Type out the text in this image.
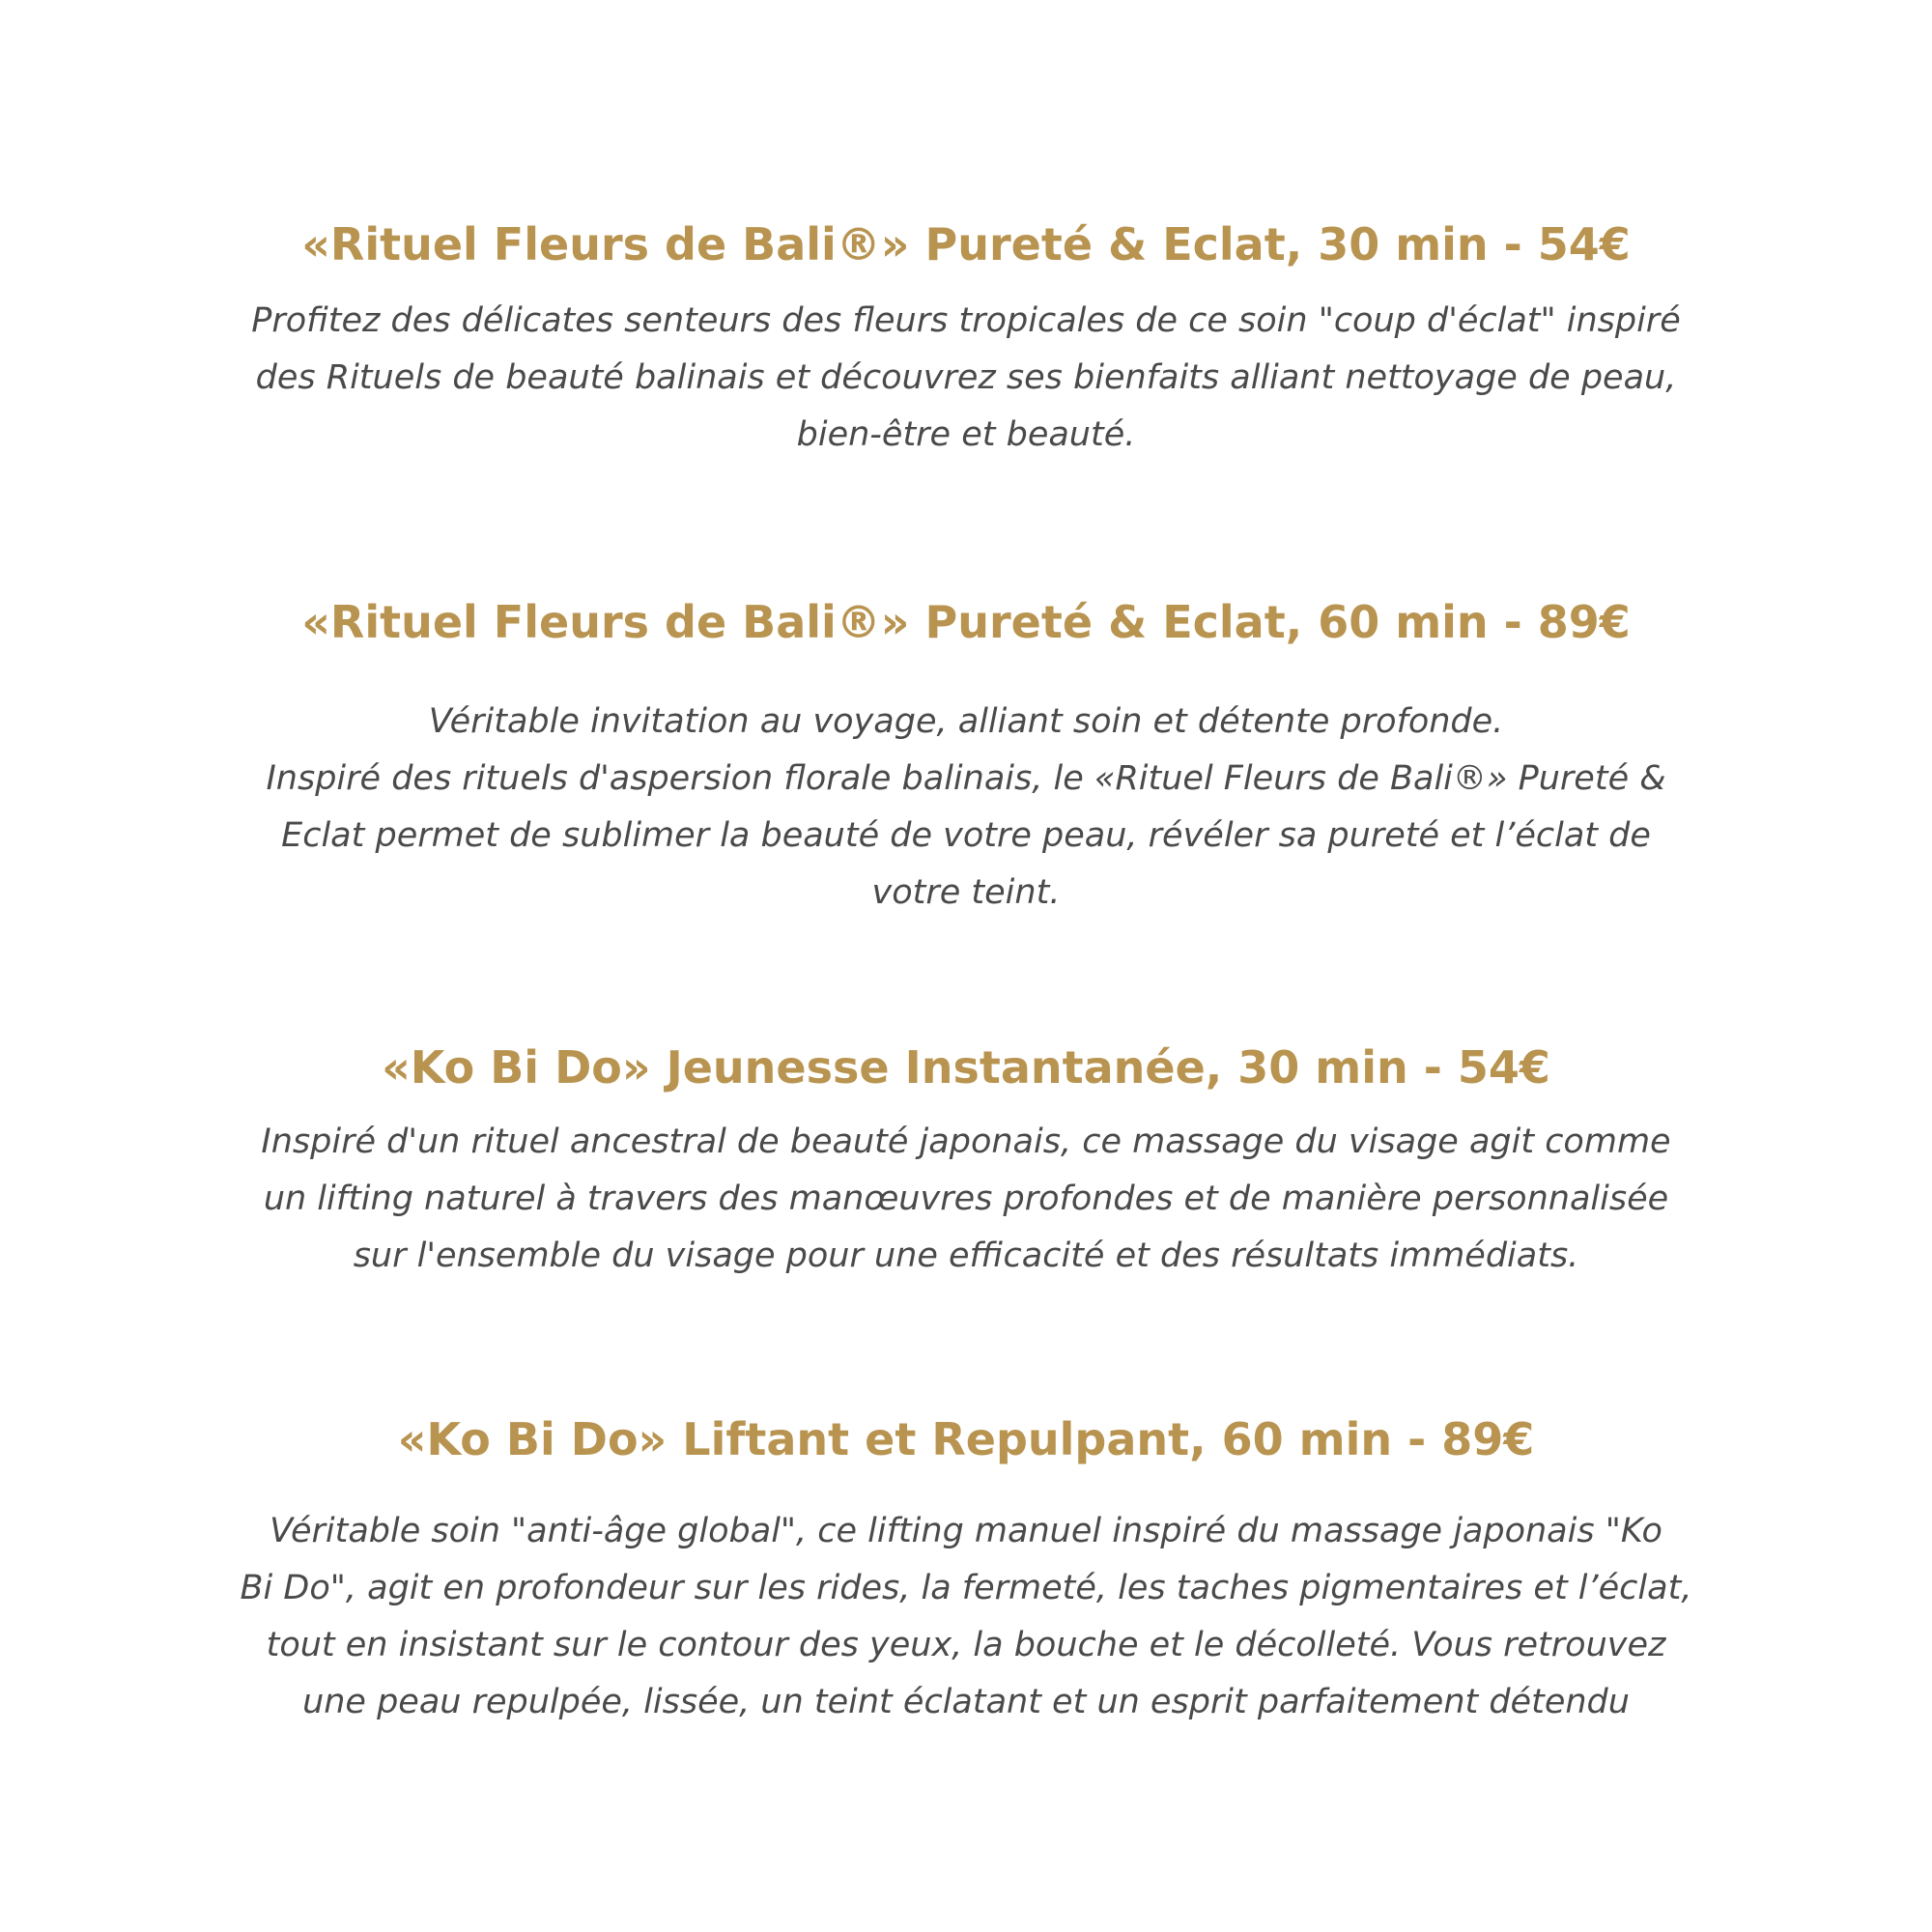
«Rituel Fleurs de Bali®» Pureté & Eclat, 30 min - 54€

Profitez des délicates senteurs des fleurs tropicales de ce soin "coup d'éclat" inspiré
des Rituels de beauté balinais et découvrez ses bienfaits alliant nettoyage de peau,
bien-être et beauté.

«Rituel Fleurs de Bali®» Pureté & Eclat, 60 min - 89€

Véritable invitation au voyage, alliant soin et détente profonde.
Inspiré des rituels d'aspersion florale balinais, le «Rituel Fleurs de Bali®» Pureté &
Eclat permet de sublimer la beauté de votre peau, révéler sa pureté et l’éclat de
votre teint.

«Ko Bi Do» Jeunesse Instantanée, 30 min - 54€

Inspiré d'un rituel ancestral de beauté japonais, ce massage du visage agit comme
un lifting naturel à travers des manœuvres profondes et de manière personnalisée
sur l'ensemble du visage pour une efficacité et des résultats immédiats.

«Ko Bi Do» Liftant et Repulpant, 60 min - 89€

Véritable soin "anti-âge global", ce lifting manuel inspiré du massage japonais "Ko
Bi Do", agit en profondeur sur les rides, la fermeté, les taches pigmentaires et l’éclat,
tout en insistant sur le contour des yeux, la bouche et le décolleté. Vous retrouvez
une peau repulpée, lissée, un teint éclatant et un esprit parfaitement détendu
